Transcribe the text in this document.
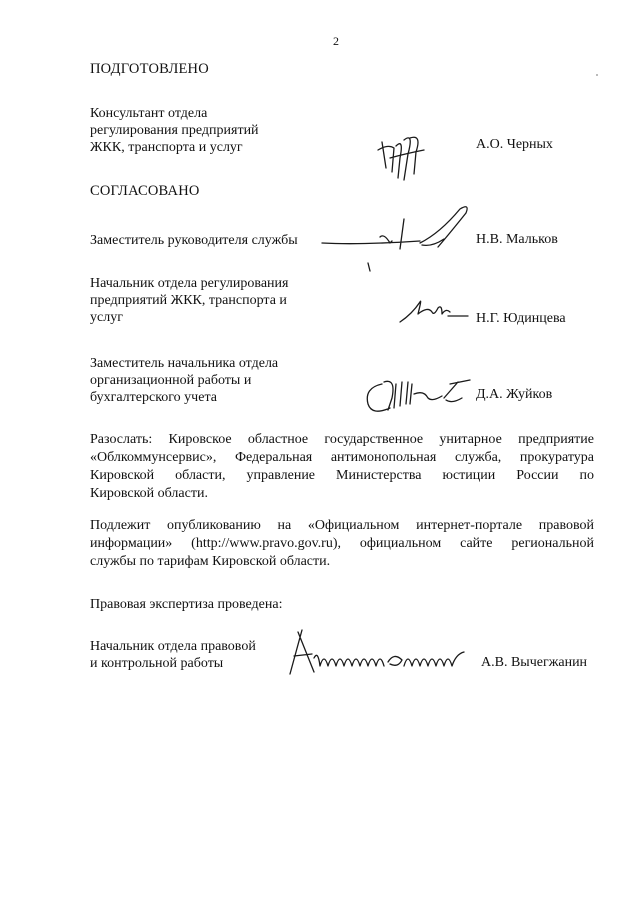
2
ПОДГОТОВЛЕНО
Консультант отдела
регулирования предприятий
ЖКК, транспорта и услуг	А.О. Черных
СОГЛАСОВАНО
Заместитель руководителя службы	Н.В. Мальков
Начальник отдела регулирования
предприятий ЖКК, транспорта и
услуг	Н.Г. Юдинцева
Заместитель начальника отдела
организационной работы и
бухгалтерского учета	Д.А. Жуйков
Разослать: Кировское областное государственное унитарное предприятие
«Облкоммунсервис», Федеральная антимонопольная служба, прокуратура
Кировской области, управление Министерства юстиции России по
Кировской области.
Подлежит опубликованию на «Официальном интернет-портале правовой
информации» (http://www.pravo.gov.ru), официальном сайте региональной
службы по тарифам Кировской области.
Правовая экспертиза проведена:
Начальник отдела правовой
и контрольной работы	А.В. Вычегжанин
